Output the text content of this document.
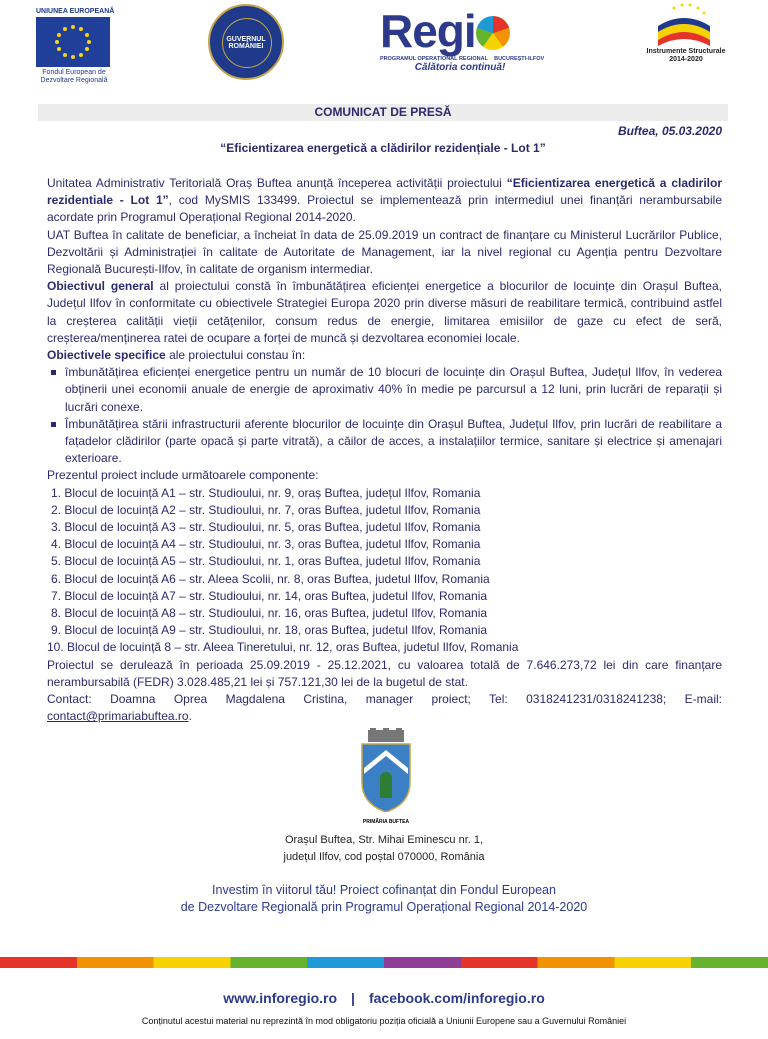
UNIUNEA EUROPEANĂ
Fondul European de
Dezvoltare Regională
GUVERNUL ROMÂNIEI	Regi
PROGRAMUL OPERAȚIONAL REGIONAL BUCUREȘTI-ILFOV
Călătoria continuă!
Instrumente Structurale
2014-2020
COMUNICAT DE PRESĂ
Buftea, 05.03.2020
“Eficientizarea energetică a clădirilor rezidențiale - Lot 1”

Unitatea Administrativ Teritorială Oraș Buftea anunță începerea activității proiectului “Eficientizarea energetică a cladirilor rezidentiale - Lot 1”, cod MySMIS 133499. Proiectul se implementează prin intermediul unei finanțări nerambursabile acordate prin Programul Operațional Regional 2014-2020.

UAT Buftea în calitate de beneficiar, a încheiat în data de 25.09.2019 un contract de finanțare cu Ministerul Lucrărilor Publice, Dezvoltării și Administrației în calitate de Autoritate de Management, iar la nivel regional cu Agenția pentru Dezvoltare Regională București-Ilfov, în calitate de organism intermediar.

Obiectivul general al proiectului constă în îmbunătățirea eficienței energetice a blocurilor de locuințe din Orașul Buftea, Județul Ilfov în conformitate cu obiectivele Strategiei Europa 2020 prin diverse măsuri de reabilitare termică, contribuind astfel la creșterea calității vieții cetățenilor, consum redus de energie, limitarea emisiilor de gaze cu efect de seră, creșterea/menținerea ratei de ocupare a forței de muncă și dezvoltarea economiei locale.

Obiectivele specifice ale proiectului constau în:

îmbunătățirea eficienței energetice pentru un număr de 10 blocuri de locuințe din Orașul Buftea, Județul Ilfov, în vederea obținerii unei economii anuale de energie de aproximativ 40% în medie pe parcursul a 12 luni, prin lucrări de reparații și lucrări conexe.
Îmbunătățirea stării infrastructurii aferente blocurilor de locuințe din Orașul Buftea, Județul Ilfov, prin lucrări de reabilitare a fațadelor clădirilor (parte opacă și parte vitrată), a căilor de acces, a instalațiilor termice, sanitare și electrice și amenajari exterioare.

Prezentul proiect include următoarele componente:

1. Blocul de locuință A1 – str. Studioului, nr. 9, oraș Buftea, județul Ilfov, Romania
2. Blocul de locuință A2 – str. Studioului, nr. 7, oras Buftea, judetul Ilfov, Romania
3. Blocul de locuință A3 – str. Studioului, nr. 5, oras Buftea, judetul Ilfov, Romania
4. Blocul de locuință A4 – str. Studioului, nr. 3, oras Buftea, judetul Ilfov, Romania
5. Blocul de locuință A5 – str. Studioului, nr. 1, oras Buftea, judetul Ilfov, Romania
6. Blocul de locuință A6 – str. Aleea Scolii, nr. 8, oras Buftea, judetul Ilfov, Romania
7. Blocul de locuință A7 – str. Studioului, nr. 14, oras Buftea, judetul Ilfov, Romania
8. Blocul de locuință A8 – str. Studioului, nr. 16, oras Buftea, judetul Ilfov, Romania
9. Blocul de locuință A9 – str. Studioului, nr. 18, oras Buftea, judetul Ilfov, Romania
10. Blocul de locuință 8 – str. Aleea Tineretului, nr. 12, oras Buftea, judetul Ilfov, Romania

Proiectul se derulează în perioada 25.09.2019 - 25.12.2021, cu valoarea totală de 7.646.273,72 lei din care finanțare nerambursabilă (FEDR) 3.028.485,21 lei și 757.121,30 lei de la bugetul de stat.

Contact: Doamna Oprea Magdalena Cristina, manager proiect; Tel: 0318241231/0318241238; E-mail: contact@primariabuftea.ro.

PRIMĂRIA BUFTEA
Orașul Buftea, Str. Mihai Eminescu nr. 1,
județul Ilfov, cod poștal 070000, România
Investim în viitorul tău! Proiect cofinanțat din Fondul European
de Dezvoltare Regională prin Programul Operațional Regional 2014-2020
www.inforegio.ro | facebook.com/inforegio.ro
Conținutul acestui material nu reprezintă în mod obligatoriu poziția oficială a Uniunii Europene sau a Guvernului României
